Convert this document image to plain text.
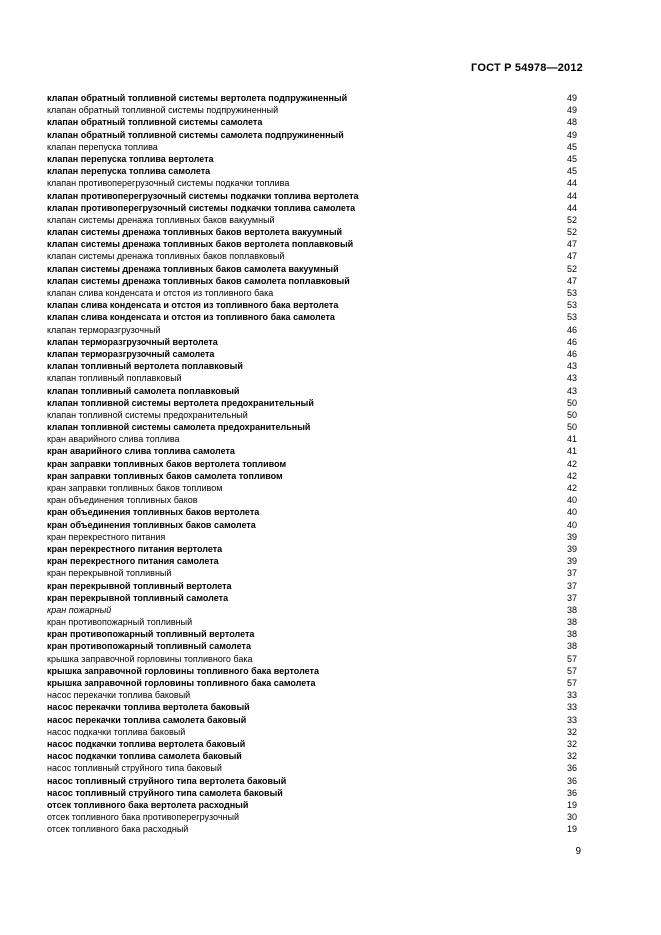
ГОСТ Р 54978—2012
клапан обратный топливной системы вертолета подпружиненный	49
клапан обратный топливной системы подпружиненный	49
клапан обратный топливной системы самолета	48
клапан обратный топливной системы самолета подпружиненный	49
клапан перепуска топлива	45
клапан перепуска топлива вертолета	45
клапан перепуска топлива самолета	45
клапан противоперегрузочный системы подкачки топлива	44
клапан противоперегрузочный системы подкачки топлива вертолета	44
клапан противоперегрузочный системы подкачки топлива самолета	44
клапан системы дренажа топливных баков вакуумный	52
клапан системы дренажа топливных баков вертолета вакуумный	52
клапан системы дренажа топливных баков вертолета поплавковый	47
клапан системы дренажа топливных баков поплавковый	47
клапан системы дренажа топливных баков самолета вакуумный	52
клапан системы дренажа топливных баков самолета поплавковый	47
клапан слива конденсата и отстоя из топливного бака	53
клапан слива конденсата и отстоя из топливного бака вертолета	53
клапан слива конденсата и отстоя из топливного бака самолета	53
клапан терморазгрузочный	46
клапан терморазгрузочный вертолета	46
клапан терморазгрузочный самолета	46
клапан топливный вертолета поплавковый	43
клапан топливный поплавковый	43
клапан топливный самолета поплавковый	43
клапан топливной системы вертолета предохранительный	50
клапан топливной системы предохранительный	50
клапан топливной системы самолета предохранительный	50
кран аварийного слива топлива	41
кран аварийного слива топлива самолета	41
кран заправки топливных баков вертолета топливом	42
кран заправки топливных баков самолета топливом	42
кран заправки топливных баков топливом	42
кран объединения топливных баков	40
кран объединения топливных баков вертолета	40
кран объединения топливных баков самолета	40
кран перекрестного питания	39
кран перекрестного питания вертолета	39
кран перекрестного питания самолета	39
кран перекрывной топливный	37
кран перекрывной топливный вертолета	37
кран перекрывной топливный самолета	37
кран пожарный	38
кран противопожарный топливный	38
кран противопожарный топливный вертолета	38
кран противопожарный топливный самолета	38
крышка заправочной горловины топливного бака	57
крышка заправочной горловины топливного бака вертолета	57
крышка заправочной горловины топливного бака самолета	57
насос перекачки топлива баковый	33
насос перекачки топлива вертолета баковый	33
насос перекачки топлива самолета баковый	33
насос подкачки топлива баковый	32
насос подкачки топлива вертолета баковый	32
насос подкачки топлива самолета баковый	32
насос топливный струйного типа баковый	36
насос топливный струйного типа вертолета баковый	36
насос топливный струйного типа самолета баковый	36
отсек топливного бака вертолета расходный	19
отсек топливного бака противоперегрузочный	30
отсек топливного бака расходный	19
9
